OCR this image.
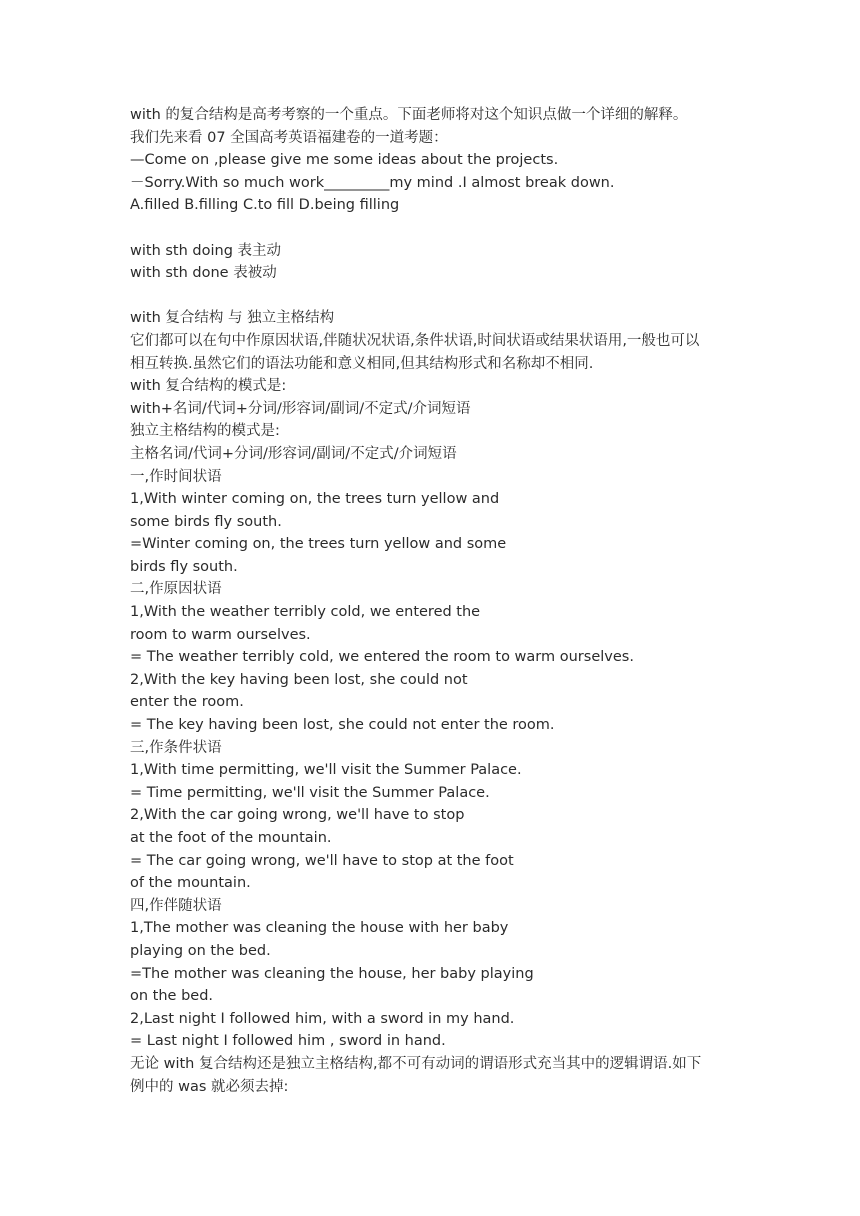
with 的复合结构是高考考察的一个重点。下面老师将对这个知识点做一个详细的解释。
我们先来看 07 全国高考英语福建卷的一道考题：
—Come on ,please give me some ideas about the projects.
－Sorry.With so much work_________my mind .I almost break down.
A.filled B.filling C.to fill D.being filling
with sth doing 表主动
with sth done 表被动
with 复合结构 与 独立主格结构
它们都可以在句中作原因状语,伴随状况状语,条件状语,时间状语或结果状语用,一般也可以
相互转换.虽然它们的语法功能和意义相同,但其结构形式和名称却不相同.
with 复合结构的模式是:
with+名词/代词+分词/形容词/副词/不定式/介词短语
独立主格结构的模式是:
主格名词/代词+分词/形容词/副词/不定式/介词短语
一,作时间状语
1,With winter coming on, the trees turn yellow and
some birds fly south.
=Winter coming on, the trees turn yellow and some
birds fly south.
二,作原因状语
1,With the weather terribly cold, we entered the
room to warm ourselves.
= The weather terribly cold, we entered the room to warm ourselves.
2,With the key having been lost, she could not
enter the room.
= The key having been lost, she could not enter the room.
三,作条件状语
1,With time permitting, we'll visit the Summer Palace.
= Time permitting, we'll visit the Summer Palace.
2,With the car going wrong, we'll have to stop
at the foot of the mountain.
= The car going wrong, we'll have to stop at the foot
of the mountain.
四,作伴随状语
1,The mother was cleaning the house with her baby
playing on the bed.
=The mother was cleaning the house, her baby playing
on the bed.
2,Last night I followed him, with a sword in my hand.
= Last night I followed him , sword in hand.
无论 with 复合结构还是独立主格结构,都不可有动词的谓语形式充当其中的逻辑谓语.如下
例中的 was 就必须去掉:
